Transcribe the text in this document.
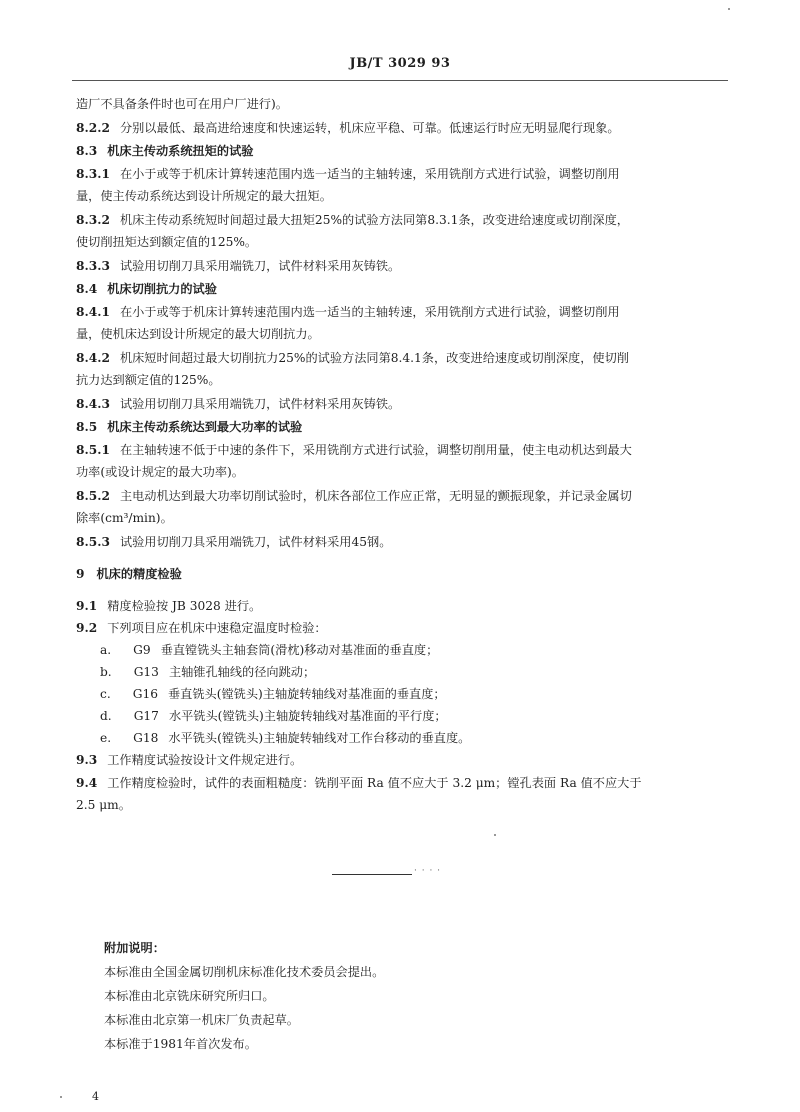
JB/T 3029 93
造厂不具备条件时也可在用户厂进行)。
8.2.2 分别以最低、最高进给速度和快速运转，机床应平稳、可靠。低速运行时应无明显爬行现象。
8.3 机床主传动系统扭矩的试验
8.3.1 在小于或等于机床计算转速范围内选一适当的主轴转速，采用铣削方式进行试验，调整切削用
量，使主传动系统达到设计所规定的最大扭矩。
8.3.2 机床主传动系统短时间超过最大扭矩25%的试验方法同第8.3.1条，改变进给速度或切削深度，
使切削扭矩达到额定值的125%。
8.3.3 试验用切削刀具采用端铣刀，试件材料采用灰铸铁。
8.4 机床切削抗力的试验
8.4.1 在小于或等于机床计算转速范围内选一适当的主轴转速，采用铣削方式进行试验，调整切削用
量，使机床达到设计所规定的最大切削抗力。
8.4.2 机床短时间超过最大切削抗力25%的试验方法同第8.4.1条，改变进给速度或切削深度，使切削
抗力达到额定值的125%。
8.4.3 试验用切削刀具采用端铣刀，试件材料采用灰铸铁。
8.5 机床主传动系统达到最大功率的试验
8.5.1 在主轴转速不低于中速的条件下，采用铣削方式进行试验，调整切削用量，使主电动机达到最大
功率(或设计规定的最大功率)。
8.5.2 主电动机达到最大功率切削试验时，机床各部位工作应正常，无明显的颤振现象，并记录金属切
除率(cm³/min)。
8.5.3 试验用切削刀具采用端铣刀，试件材料采用45钢。
9 机床的精度检验
9.1 精度检验按 JB 3028 进行。
9.2 下列项目应在机床中速稳定温度时检验：
a. G9 垂直镗铣头主轴套筒(滑枕)移动对基准面的垂直度；
b. G13 主轴锥孔轴线的径向跳动；
c. G16 垂直铣头(镗铣头)主轴旋转轴线对基准面的垂直度；
d. G17 水平铣头(镗铣头)主轴旋转轴线对基准面的平行度；
e. G18 水平铣头(镗铣头)主轴旋转轴线对工作台移动的垂直度。
9.3 工作精度试验按设计文件规定进行。
9.4 工作精度检验时，试件的表面粗糙度：铣削平面 Ra 值不应大于 3.2 μm；镗孔表面 Ra 值不应大于
2.5 μm。
· · · ·
附加说明：
本标准由全国金属切削机床标准化技术委员会提出。
本标准由北京铣床研究所归口。
本标准由北京第一机床厂负责起草。
本标准于1981年首次发布。
4
